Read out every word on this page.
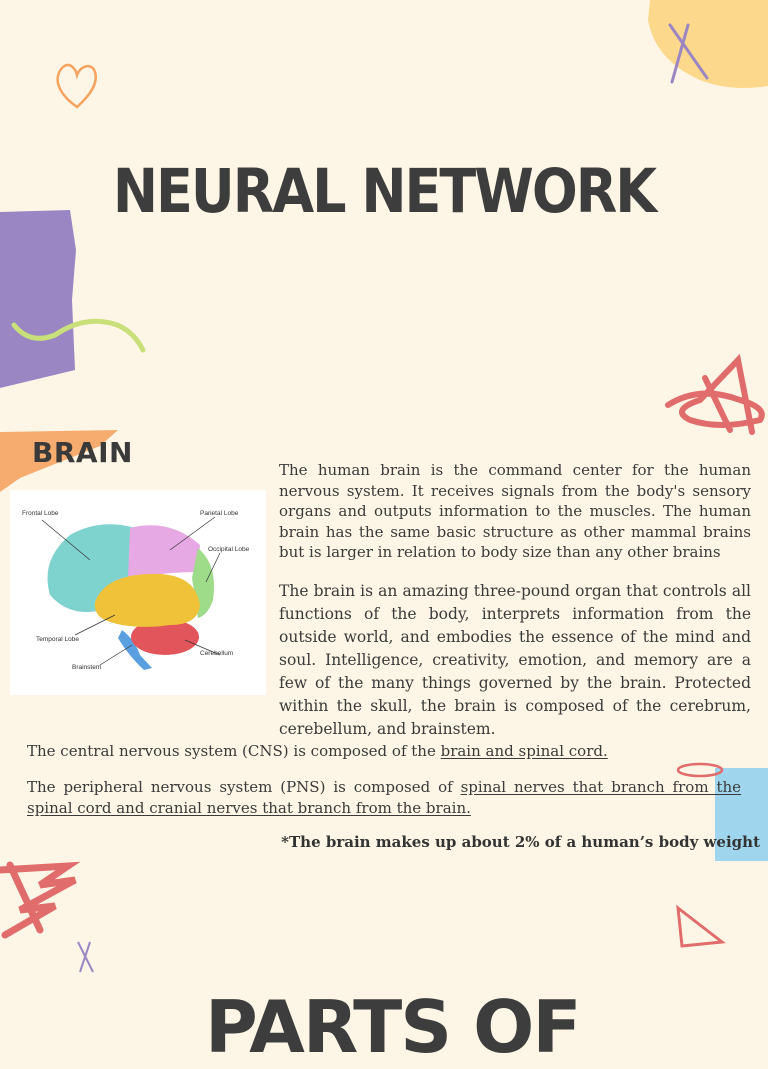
NEURAL NETWORK
BRAIN
Frontal Lobe	Parietal Lobe
Occipital Lobe
Temporal Lobe
Cerebellum
Brainstem
The human brain is the command center for the human nervous system. It receives signals from the body's sensory organs and outputs information to the muscles. The human brain has the same basic structure as other mammal brains but is larger in relation to body size than any other brains
The brain is an amazing three-pound organ that controls all functions of the body, interprets information from the outside world, and embodies the essence of the mind and soul. Intelligence, creativity, emotion, and memory are a few of the many things governed by the brain. Protected within the skull, the brain is composed of the cerebrum, cerebellum, and brainstem.
The central nervous system (CNS) is composed of the brain and spinal cord.
The peripheral nervous system (PNS) is composed of spinal nerves that branch from the spinal cord and cranial nerves that branch from the brain.
*The brain makes up about 2% of a human’s body weight
PARTS OF
